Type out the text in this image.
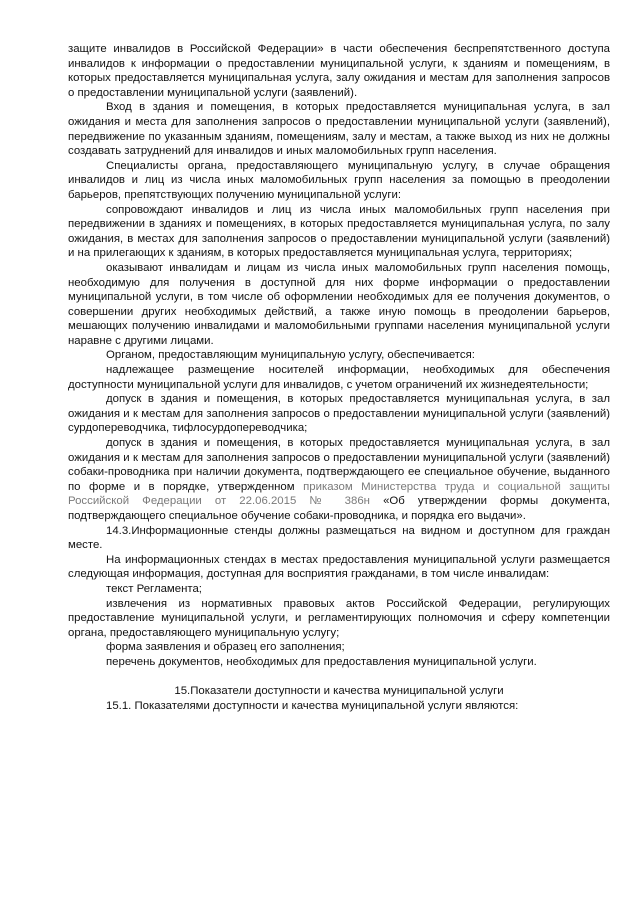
защите инвалидов в Российской Федерации» в части обеспечения беспрепятственного доступа инвалидов к информации о предоставлении муниципальной услуги, к зданиям и помещениям, в которых предоставляется муниципальная услуга, залу ожидания и местам для заполнения запросов о предоставлении муниципальной услуги (заявлений).

Вход в здания и помещения, в которых предоставляется муниципальная услуга, в зал ожидания и места для заполнения запросов о предоставлении муниципальной услуги (заявлений), передвижение по указанным зданиям, помещениям, залу и местам, а также выход из них не должны создавать затруднений для инвалидов и иных маломобильных групп населения.

Специалисты органа, предоставляющего муниципальную услугу, в случае обращения инвалидов и лиц из числа иных маломобильных групп населения за помощью в преодолении барьеров, препятствующих получению муниципальной услуги:

сопровождают инвалидов и лиц из числа иных маломобильных групп населения при передвижении в зданиях и помещениях, в которых предоставляется муниципальная услуга, по залу ожидания, в местах для заполнения запросов о предоставлении муниципальной услуги (заявлений) и на прилегающих к зданиям, в которых предоставляется муниципальная услуга, территориях;

оказывают инвалидам и лицам из числа иных маломобильных групп населения помощь, необходимую для получения в доступной для них форме информации о предоставлении муниципальной услуги, в том числе об оформлении необходимых для ее получения документов, о совершении других необходимых действий, а также иную помощь в преодолении барьеров, мешающих получению инвалидами и маломобильными группами населения муниципальной услуги наравне с другими лицами.

Органом, предоставляющим муниципальную услугу, обеспечивается:

надлежащее размещение носителей информации, необходимых для обеспечения доступности муниципальной услуги для инвалидов, с учетом ограничений их жизнедеятельности;

допуск в здания и помещения, в которых предоставляется муниципальная услуга, в зал ожидания и к местам для заполнения запросов о предоставлении муниципальной услуги (заявлений) сурдопереводчика, тифлосурдопереводчика;

допуск в здания и помещения, в которых предоставляется муниципальная услуга, в зал ожидания и к местам для заполнения запросов о предоставлении муниципальной услуги (заявлений) собаки-проводника при наличии документа, подтверждающего ее специальное обучение, выданного по форме и в порядке, утвержденном приказом Министерства труда и социальной защиты Российской Федерации от 22.06.2015 № 386н «Об утверждении формы документа, подтверждающего специальное обучение собаки-проводника, и порядка его выдачи».

14.3.Информационные стенды должны размещаться на видном и доступном для граждан месте.

На информационных стендах в местах предоставления муниципальной услуги размещается следующая информация, доступная для восприятия гражданами, в том числе инвалидам:

текст Регламента;

извлечения из нормативных правовых актов Российской Федерации, регулирующих предоставление муниципальной услуги, и регламентирующих полномочия и сферу компетенции органа, предоставляющего муниципальную услугу;

форма заявления и образец его заполнения;

перечень документов, необходимых для предоставления муниципальной услуги.

15.Показатели доступности и качества муниципальной услуги

15.1. Показателями доступности и качества муниципальной услуги являются:
